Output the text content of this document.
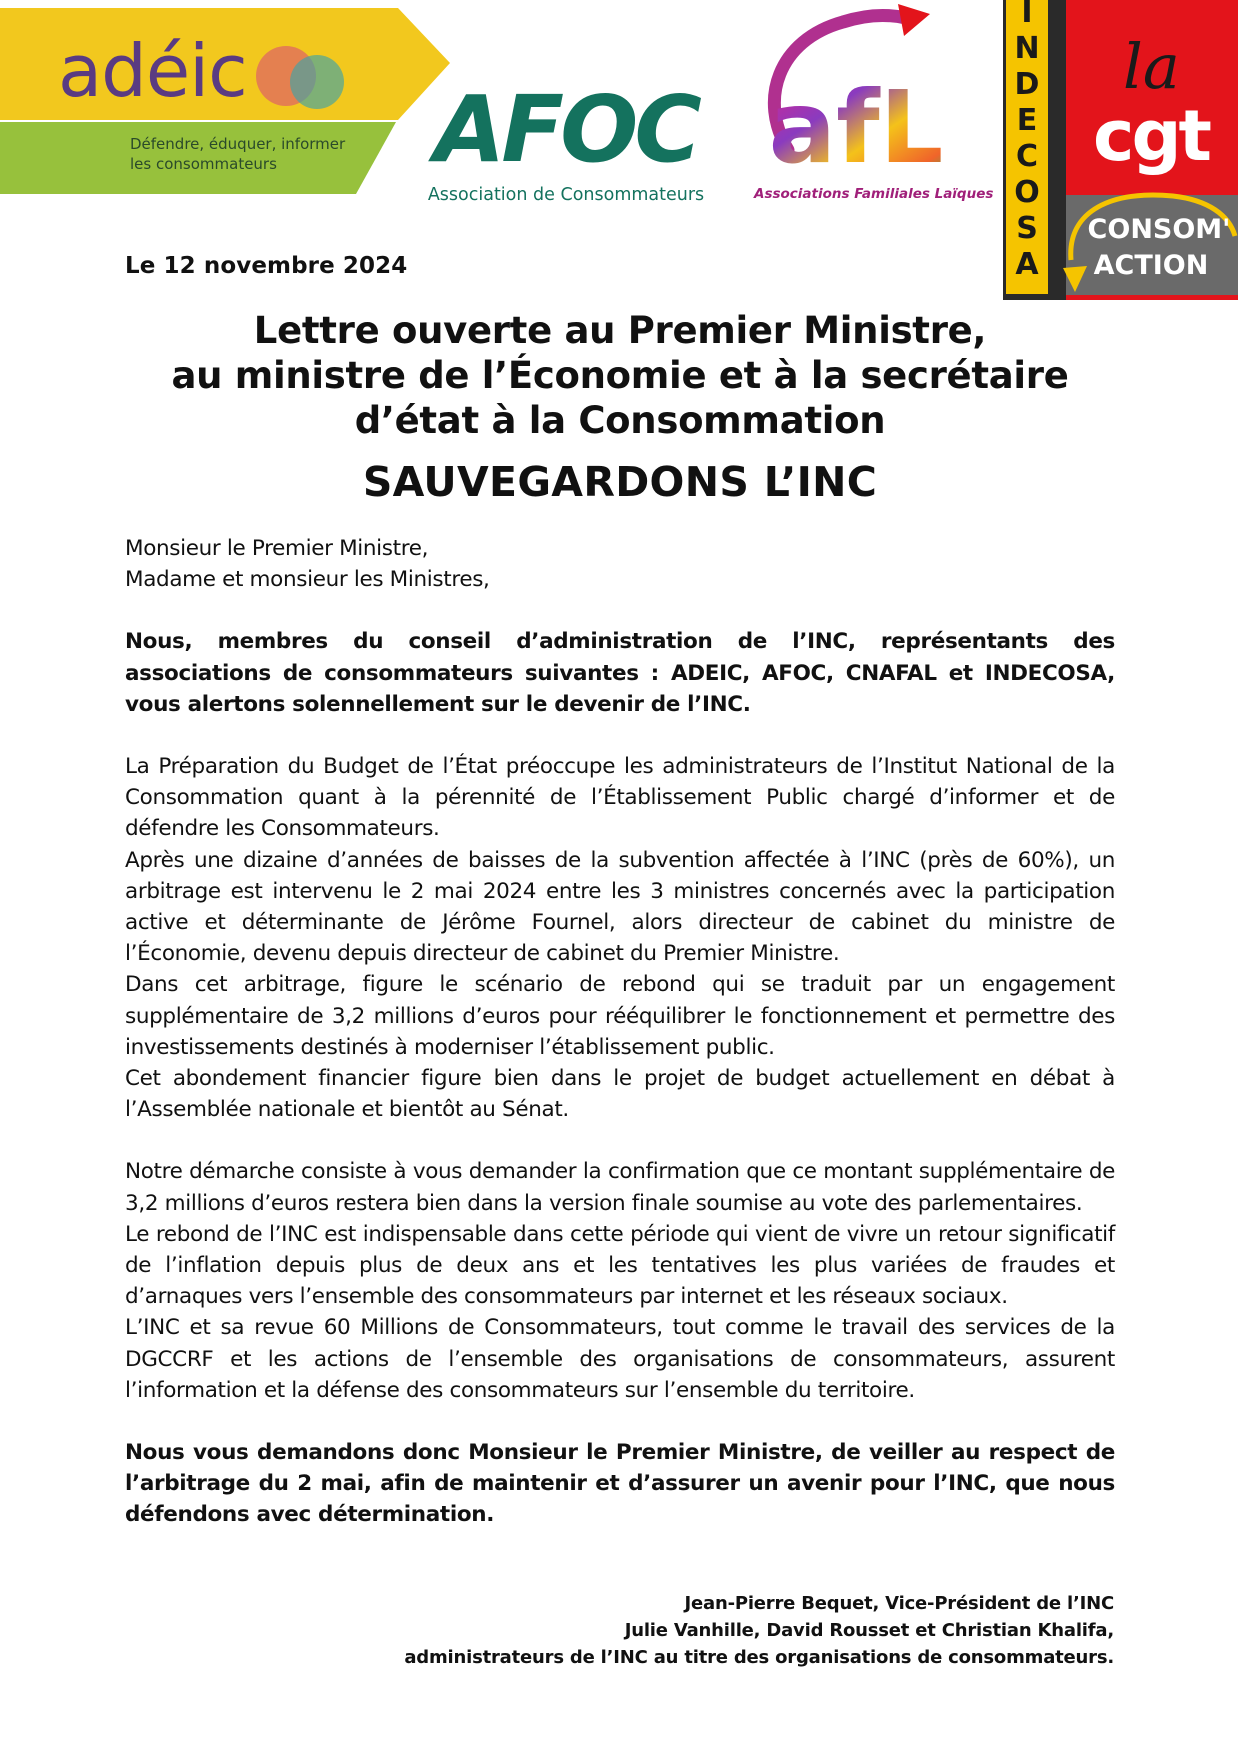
adéic
Défendre, éduquer, informer
les consommateurs AFOC
Association de Consommateurs
afL
Associations Familiales Laïques
I
N
D
E
C
O
S
A
la
cgt
CONSOM'
ACTION
Le 12 novembre 2024
Lettre ouverte au Premier Ministre,
au ministre de l’Économie et à la secrétaire
d’état à la Consommation
SAUVEGARDONS L’INC

Monsieur le Premier Ministre,

Madame et monsieur les Ministres,

Nous, membres du conseil d’administration de l’INC, représentants des associations de consommateurs suivantes : ADEIC, AFOC, CNAFAL et INDECOSA, vous alertons solennellement sur le devenir de l’INC.

La Préparation du Budget de l’État préoccupe les administrateurs de l’Institut National de la Consommation quant à la pérennité de l’Établissement Public chargé d’informer et de défendre les Consommateurs.

Après une dizaine d’années de baisses de la subvention affectée à l’INC (près de 60%), un arbitrage est intervenu le 2 mai 2024 entre les 3 ministres concernés avec la participation active et déterminante de Jérôme Fournel, alors directeur de cabinet du ministre de l’Économie, devenu depuis directeur de cabinet du Premier Ministre.

Dans cet arbitrage, figure le scénario de rebond qui se traduit par un engagement supplémentaire de 3,2 millions d’euros pour rééquilibrer le fonctionnement et permettre des investissements destinés à moderniser l’établissement public.

Cet abondement financier figure bien dans le projet de budget actuellement en débat à l’Assemblée nationale et bientôt au Sénat.

Notre démarche consiste à vous demander la confirmation que ce montant supplémentaire de 3,2 millions d’euros restera bien dans la version finale soumise au vote des parlementaires.

Le rebond de l’INC est indispensable dans cette période qui vient de vivre un retour significatif de l’inflation depuis plus de deux ans et les tentatives les plus variées de fraudes et d’arnaques vers l’ensemble des consommateurs par internet et les réseaux sociaux.

L’INC et sa revue 60 Millions de Consommateurs, tout comme le travail des services de la DGCCRF et les actions de l’ensemble des organisations de consommateurs, assurent l’information et la défense des consommateurs sur l’ensemble du territoire.

Nous vous demandons donc Monsieur le Premier Ministre, de veiller au respect de l’arbitrage du 2 mai, afin de maintenir et d’assurer un avenir pour l’INC, que nous défendons avec détermination.

Jean-Pierre Bequet, Vice-Président de l’INC
Julie Vanhille, David Rousset et Christian Khalifa,
administrateurs de l’INC au titre des organisations de consommateurs.
